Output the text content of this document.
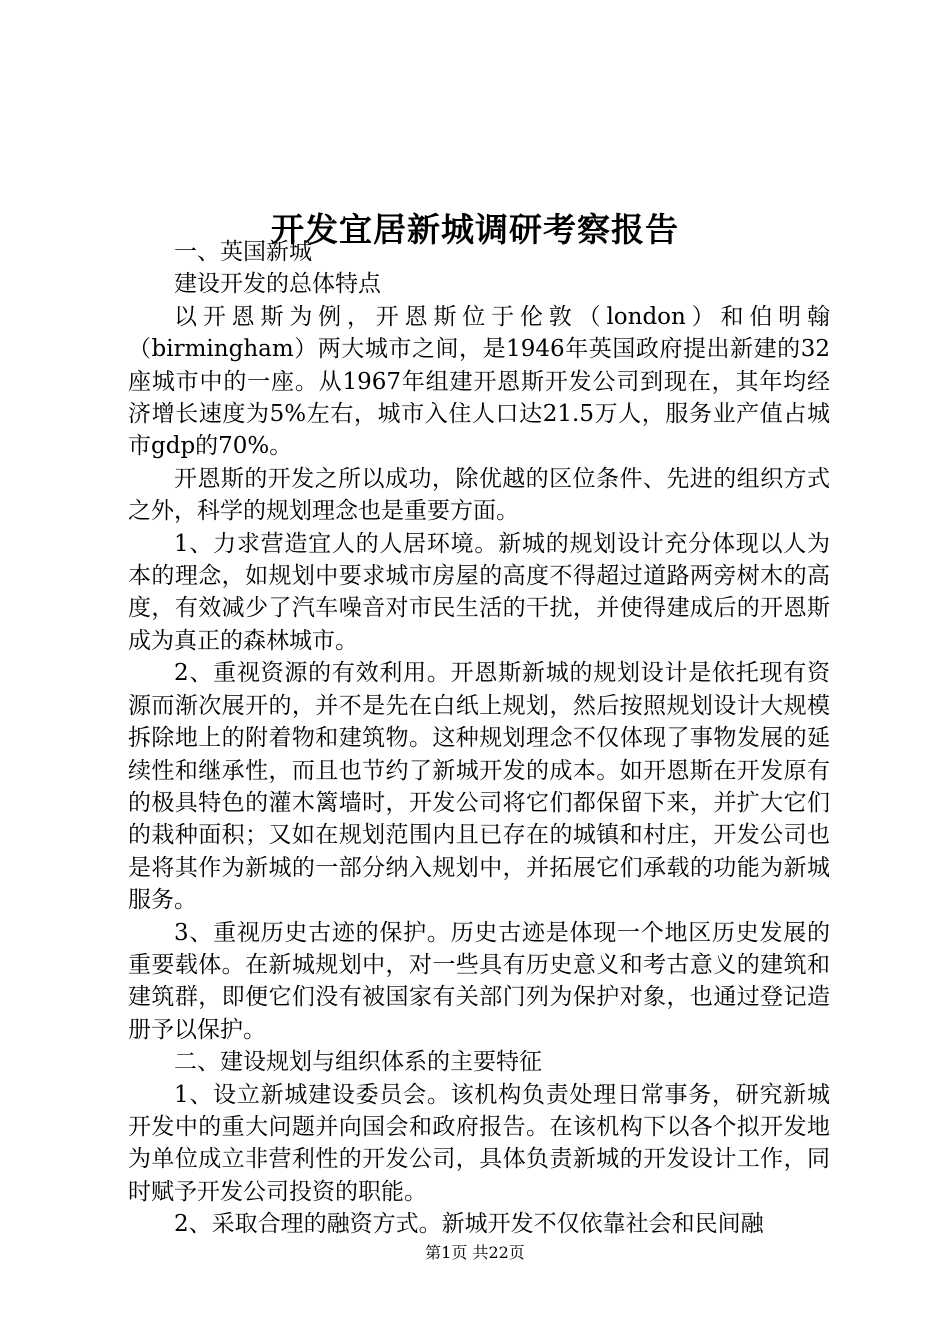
开发宜居新城调研考察报告

一、英国新城

建设开发的总体特点

以开恩斯为例，开恩斯位于伦敦（london）和伯明翰（birmingham）两大城市之间，是1946年英国政府提出新建的32座城市中的一座。从1967年组建开恩斯开发公司到现在，其年均经济增长速度为5%左右，城市入住人口达21.5万人，服务业产值占城市gdp的70%。

开恩斯的开发之所以成功，除优越的区位条件、先进的组织方式之外，科学的规划理念也是重要方面。

1、力求营造宜人的人居环境。新城的规划设计充分体现以人为本的理念，如规划中要求城市房屋的高度不得超过道路两旁树木的高度，有效减少了汽车噪音对市民生活的干扰，并使得建成后的开恩斯成为真正的森林城市。

2、重视资源的有效利用。开恩斯新城的规划设计是依托现有资源而渐次展开的，并不是先在白纸上规划，然后按照规划设计大规模拆除地上的附着物和建筑物。这种规划理念不仅体现了事物发展的延续性和继承性，而且也节约了新城开发的成本。如开恩斯在开发原有的极具特色的灌木篱墙时，开发公司将它们都保留下来，并扩大它们的栽种面积；又如在规划范围内且已存在的城镇和村庄，开发公司也是将其作为新城的一部分纳入规划中，并拓展它们承载的功能为新城服务。

3、重视历史古迹的保护。历史古迹是体现一个地区历史发展的重要载体。在新城规划中，对一些具有历史意义和考古意义的建筑和建筑群，即便它们没有被国家有关部门列为保护对象，也通过登记造册予以保护。

二、建设规划与组织体系的主要特征

1、设立新城建设委员会。该机构负责处理日常事务，研究新城开发中的重大问题并向国会和政府报告。在该机构下以各个拟开发地为单位成立非营利性的开发公司，具体负责新城的开发设计工作，同时赋予开发公司投资的职能。

2、采取合理的融资方式。新城开发不仅依靠社会和民间融

第1页 共22页
